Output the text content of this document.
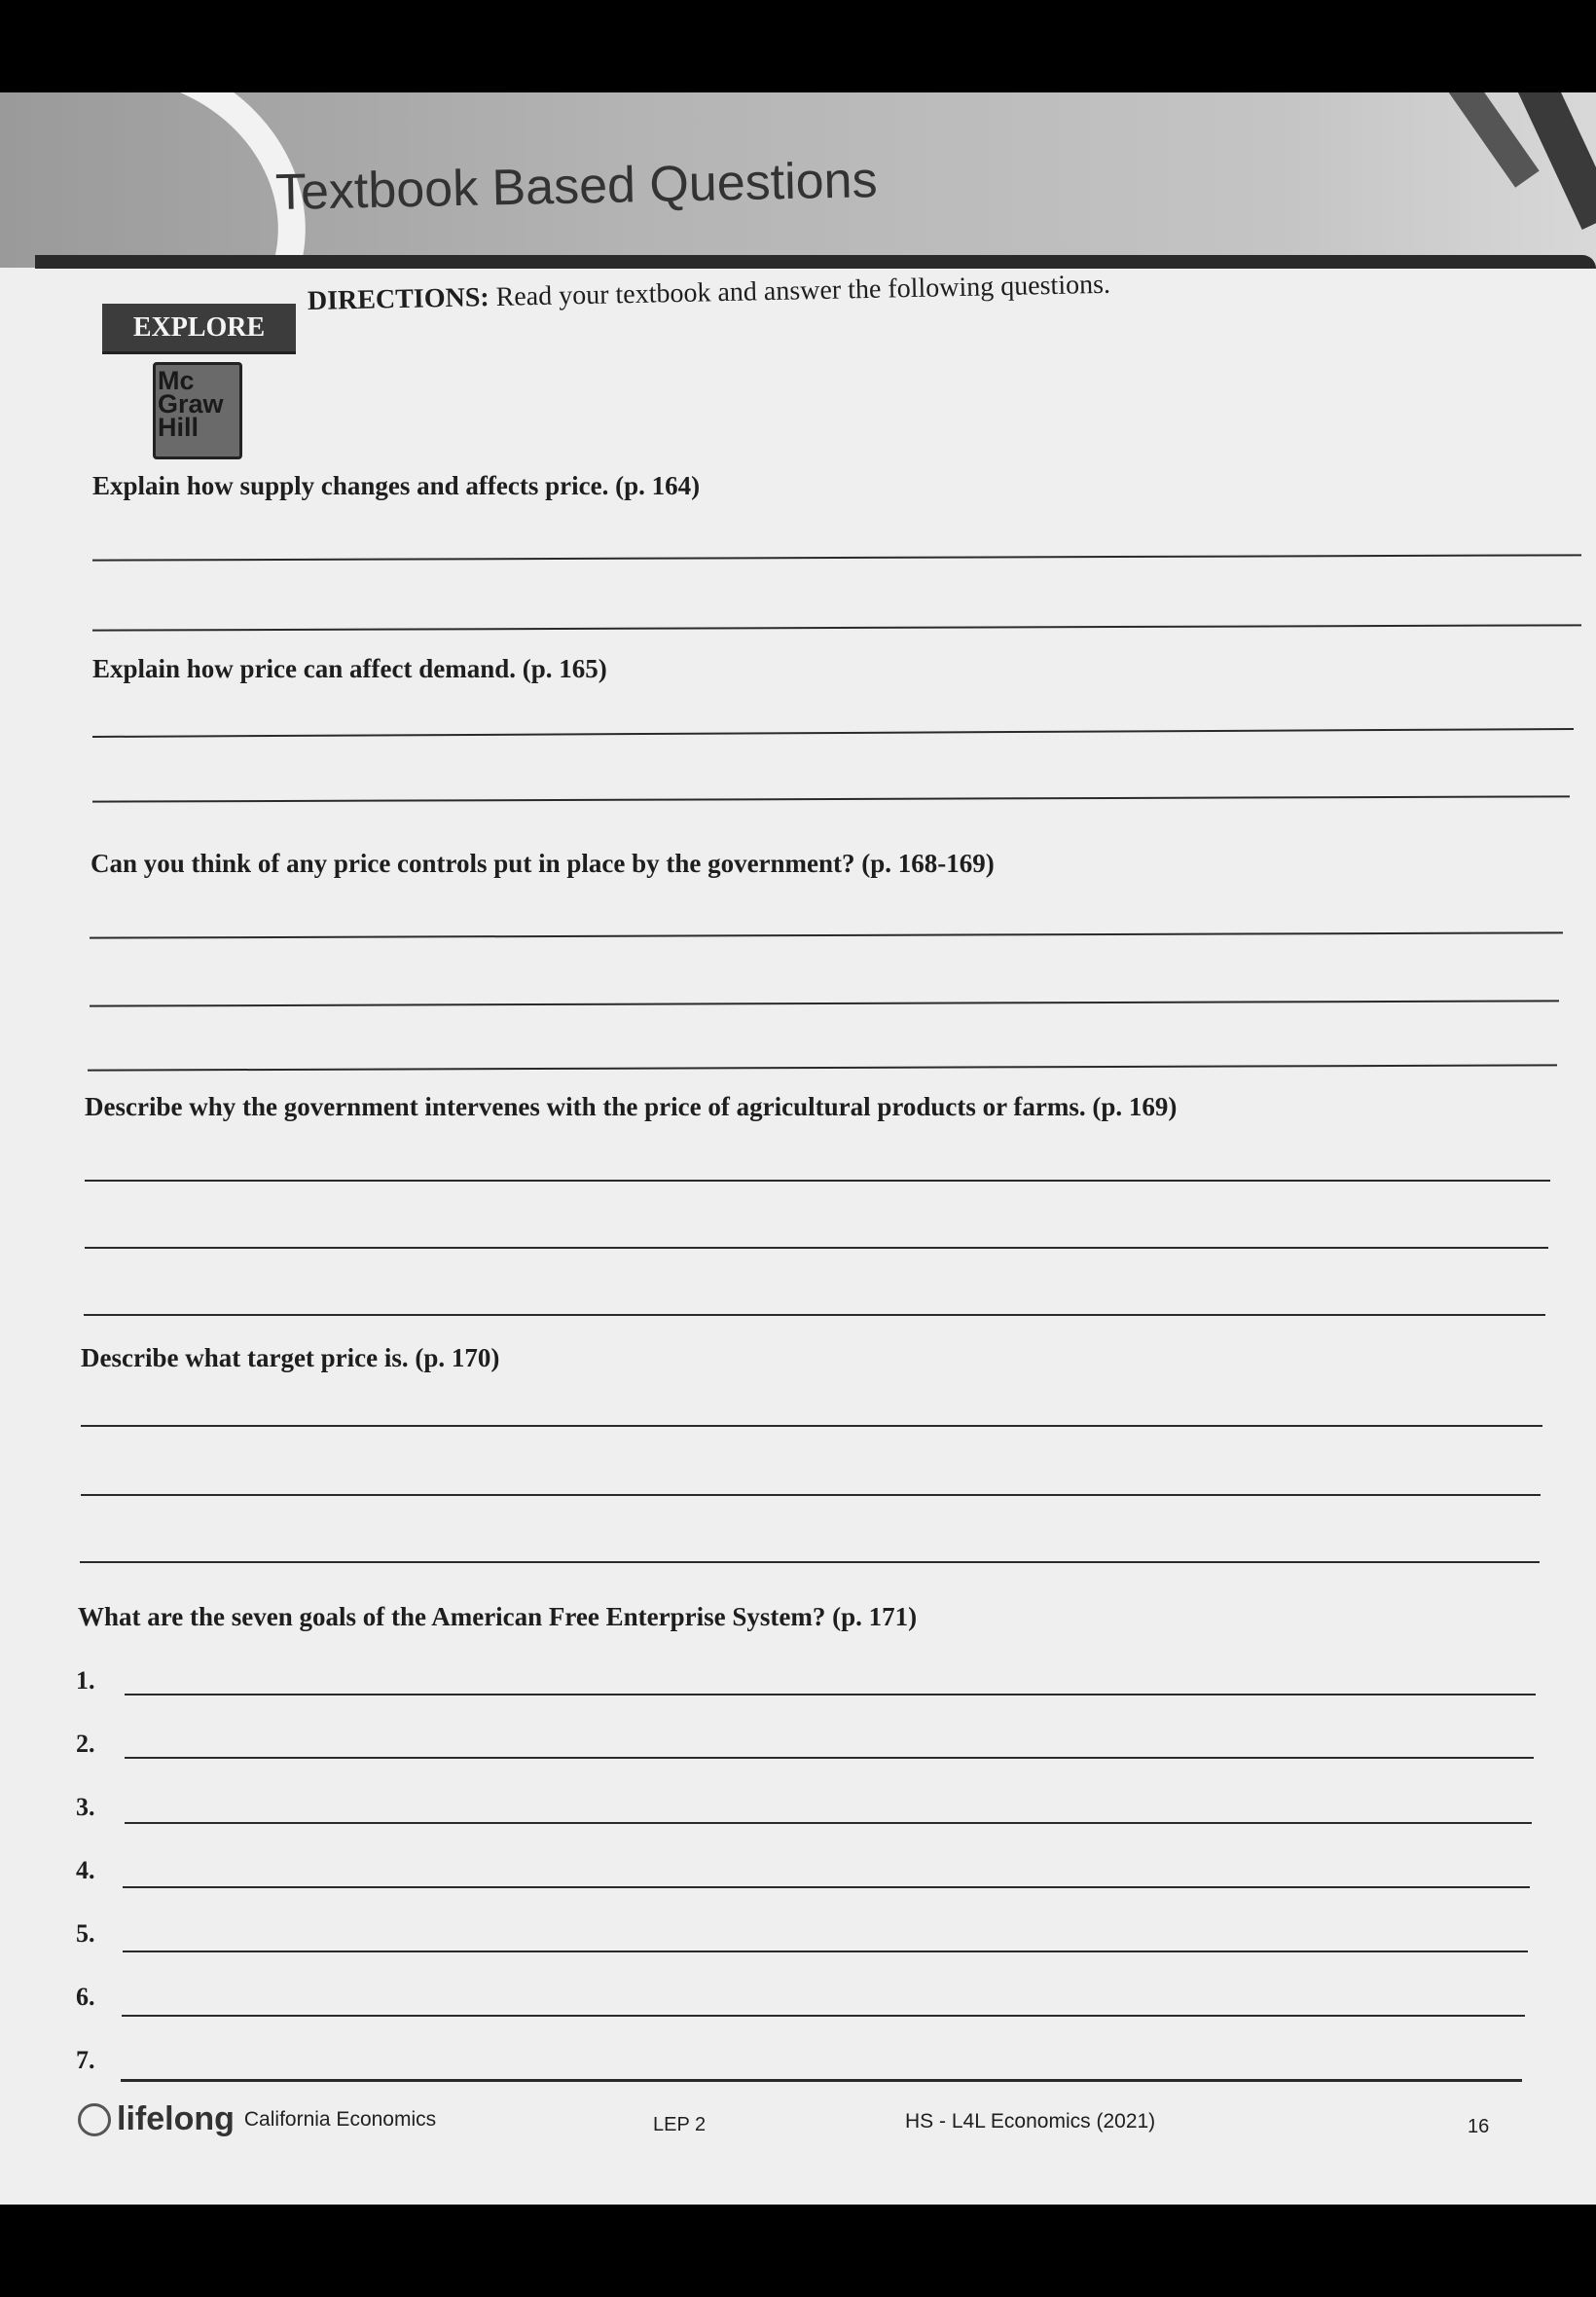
Textbook Based Questions
EXPLORE
DIRECTIONS: Read your textbook and answer the following questions.
Mc
Graw
Hill
Explain how supply changes and affects price. (p. 164)
Explain how price can affect demand. (p. 165)
Can you think of any price controls put in place by the government? (p. 168-169)
Describe why the government intervenes with the price of agricultural products or farms. (p. 169)
Describe what target price is. (p. 170)
What are the seven goals of the American Free Enterprise System? (p. 171)
1.
2.
3.
4.
5.
6.
7.
lifelong California Economics	LEP 2	HS - L4L Economics (2021)	16
